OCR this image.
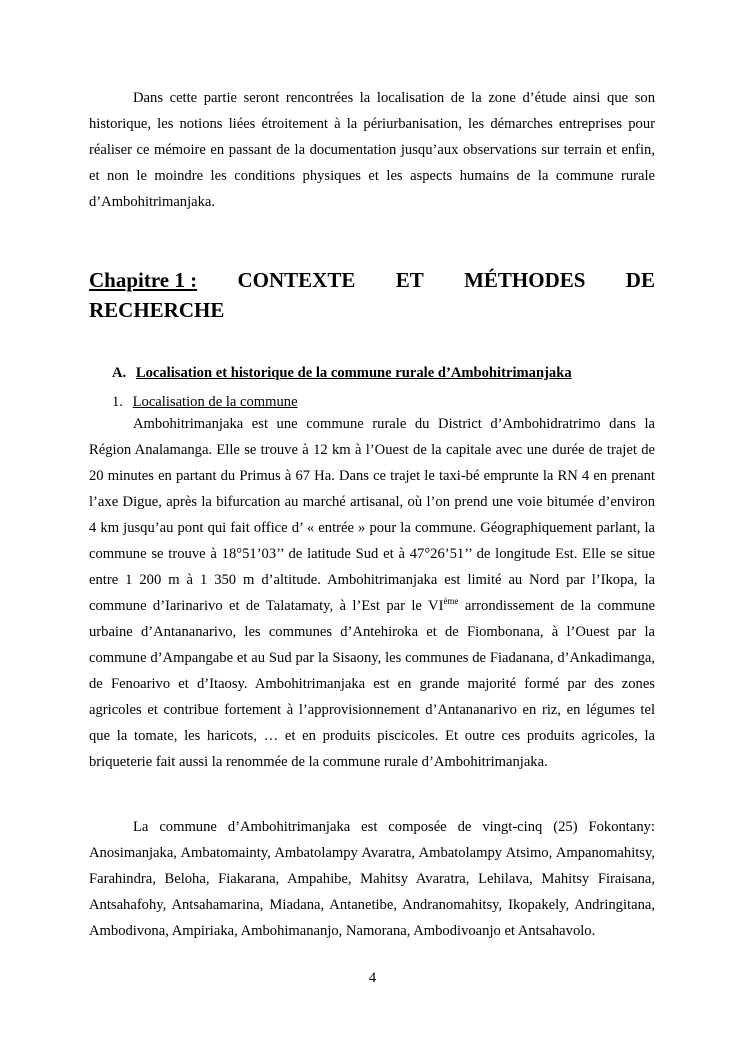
Dans cette partie seront rencontrées la localisation de la zone d’étude ainsi que son historique, les notions liées étroitement à la périurbanisation, les démarches entreprises pour réaliser ce mémoire en passant de la documentation jusqu’aux observations sur terrain et enfin, et non le moindre les conditions physiques et les aspects humains de la commune rurale d’Ambohitrimanjaka.

Chapitre 1 : CONTEXTE ET MÉTHODES DE
RECHERCHE
A. Localisation et historique de la commune rurale d’Ambohitrimanjaka
1. Localisation de la commune

Ambohitrimanjaka est une commune rurale du District d’Ambohidratrimo dans la Région Analamanga. Elle se trouve à 12 km à l’Ouest de la capitale avec une durée de trajet de 20 minutes en partant du Primus à 67 Ha. Dans ce trajet le taxi-bé emprunte la RN 4 en prenant l’axe Digue, après la bifurcation au marché artisanal, où l’on prend une voie bitumée d’environ 4 km jusqu’au pont qui fait office d’ « entrée » pour la commune. Géographiquement parlant, la commune se trouve à 18°51’03’’ de latitude Sud et à 47°26’51’’ de longitude Est. Elle se situe entre 1 200 m à 1 350 m d’altitude. Ambohitrimanjaka est limité au Nord par l’Ikopa, la commune d’Iarinarivo et de Talatamaty, à l’Est par le VIème arrondissement de la commune urbaine d’Antananarivo, les communes d’Antehiroka et de Fiombonana, à l’Ouest par la commune d’Ampangabe et au Sud par la Sisaony, les communes de Fiadanana, d’Ankadimanga, de Fenoarivo et d’Itaosy. Ambohitrimanjaka est en grande majorité formé par des zones agricoles et contribue fortement à l’approvisionnement d’Antananarivo en riz, en légumes tel que la tomate, les haricots, … et en produits piscicoles. Et outre ces produits agricoles, la briqueterie fait aussi la renommée de la commune rurale d’Ambohitrimanjaka.

La commune d’Ambohitrimanjaka est composée de vingt-cinq (25) Fokontany: Anosimanjaka, Ambatomainty, Ambatolampy Avaratra, Ambatolampy Atsimo, Ampanomahitsy, Farahindra, Beloha, Fiakarana, Ampahibe, Mahitsy Avaratra, Lehilava, Mahitsy Firaisana, Antsahafohy, Antsahamarina, Miadana, Antanetibe, Andranomahitsy, Ikopakely, Andringitana, Ambodivona, Ampiriaka, Ambohimananjo, Namorana, Ambodivoanjo et Antsahavolo.

4
